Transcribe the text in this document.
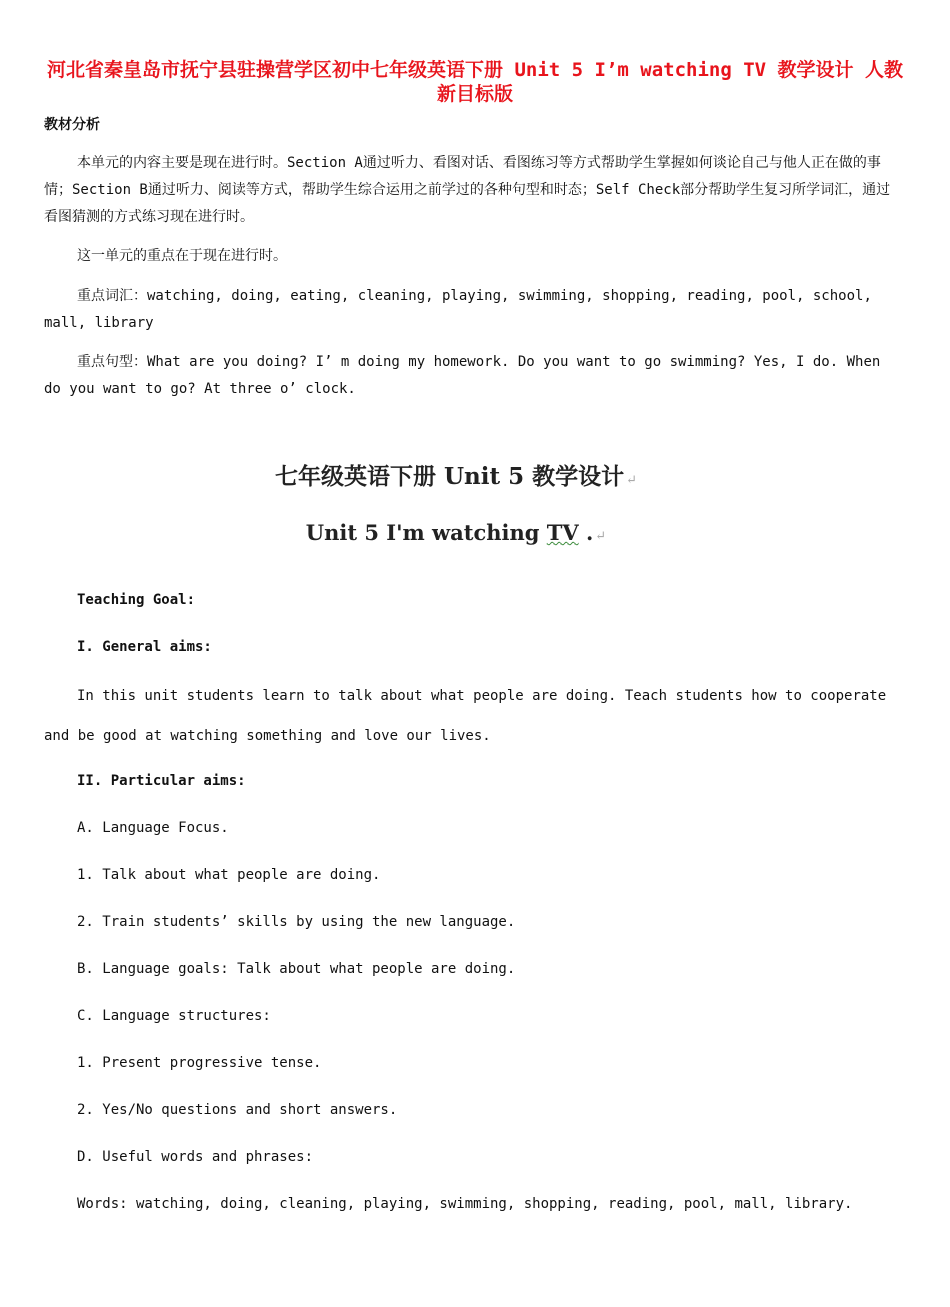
河北省秦皇岛市抚宁县驻操营学区初中七年级英语下册 Unit 5 I’m watching TV 教学设计 人教新目标版
教材分析

本单元的内容主要是现在进行时。Section A通过听力、看图对话、看图练习等方式帮助学生掌握如何谈论自己与他人正在做的事情；Section B通过听力、阅读等方式，帮助学生综合运用之前学过的各种句型和时态；Self Check部分帮助学生复习所学词汇，通过看图猜测的方式练习现在进行时。

这一单元的重点在于现在进行时。

重点词汇：watching, doing, eating, cleaning, playing, swimming, shopping, reading, pool, school, mall, library

重点句型：What are you doing? I’ m doing my homework. Do you want to go swimming? Yes, I do. When do you want to go? At three o’ clock.

七年级英语下册 Unit 5 教学设计 ↵
Unit 5 I'm watching TV . ↵
Teaching Goal:
I. General aims:

In this unit students learn to talk about what people are doing. Teach students how to cooperate and be good at watching something and love our lives.

II. Particular aims:
A. Language Focus.
1. Talk about what people are doing.
2. Train students’ skills by using the new language.
B. Language goals: Talk about what people are doing.
C. Language structures:
1. Present progressive tense.
2. Yes/No questions and short answers.
D. Useful words and phrases:
Words: watching, doing, cleaning, playing, swimming, shopping, reading, pool, mall, library.
